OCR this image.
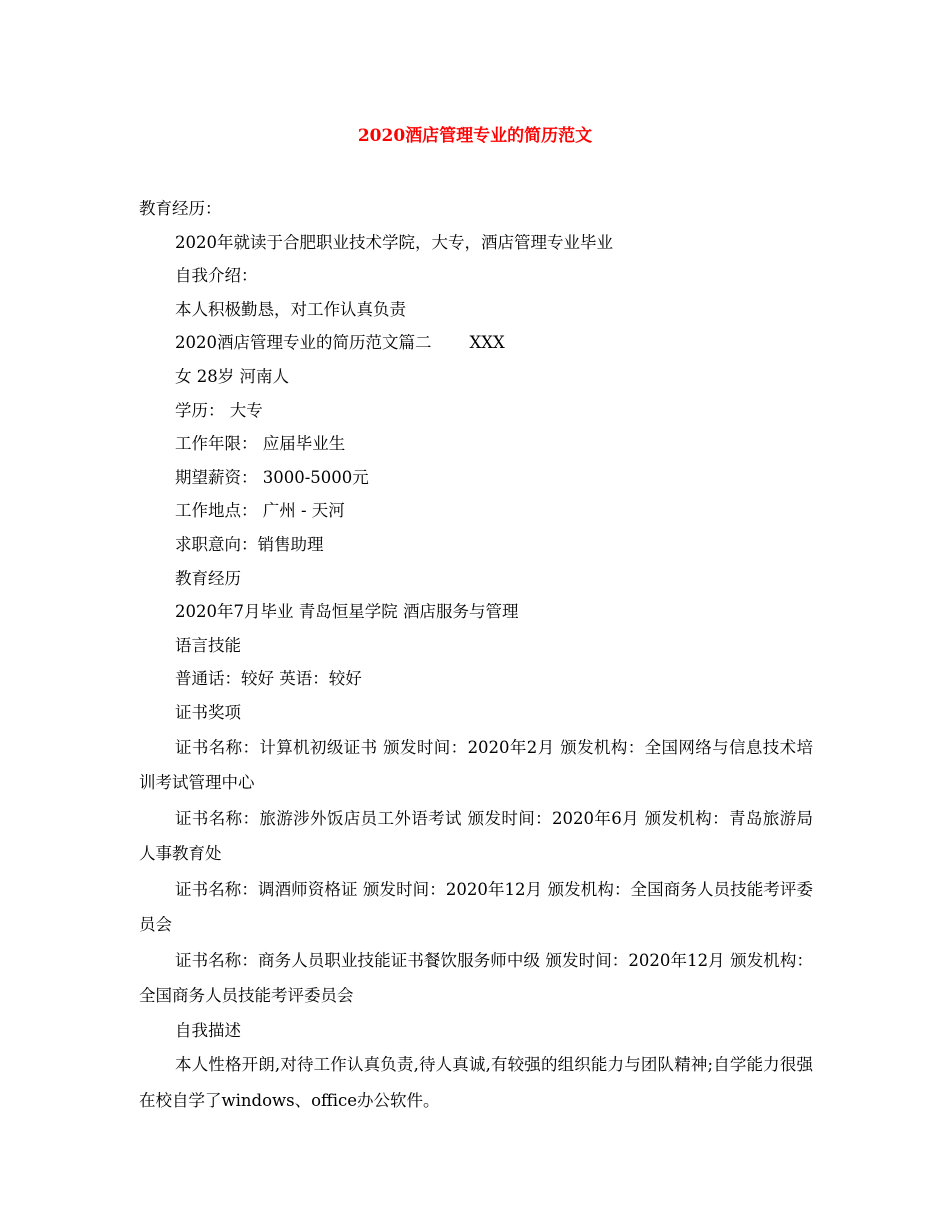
2020酒店管理专业的简历范文
教育经历：
2020年就读于合肥职业技术学院，大专，酒店管理专业毕业
自我介绍：
本人积极勤恳，对工作认真负责
2020酒店管理专业的简历范文篇二 XXX
女 28岁 河南人
学历： 大专
工作年限： 应届毕业生
期望薪资： 3000-5000元
工作地点： 广州 - 天河
求职意向：销售助理
教育经历
2020年7月毕业 青岛恒星学院 酒店服务与管理
语言技能
普通话：较好 英语：较好
证书奖项
证书名称：计算机初级证书 颁发时间：2020年2月 颁发机构：全国网络与信息技术培训考试管理中心
证书名称：旅游涉外饭店员工外语考试 颁发时间：2020年6月 颁发机构：青岛旅游局人事教育处
证书名称：调酒师资格证 颁发时间：2020年12月 颁发机构：全国商务人员技能考评委员会
证书名称：商务人员职业技能证书餐饮服务师中级 颁发时间：2020年12月 颁发机构：全国商务人员技能考评委员会
自我描述
本人性格开朗,对待工作认真负责,待人真诚,有较强的组织能力与团队精神;自学能力很强在校自学了windows、office办公软件。
